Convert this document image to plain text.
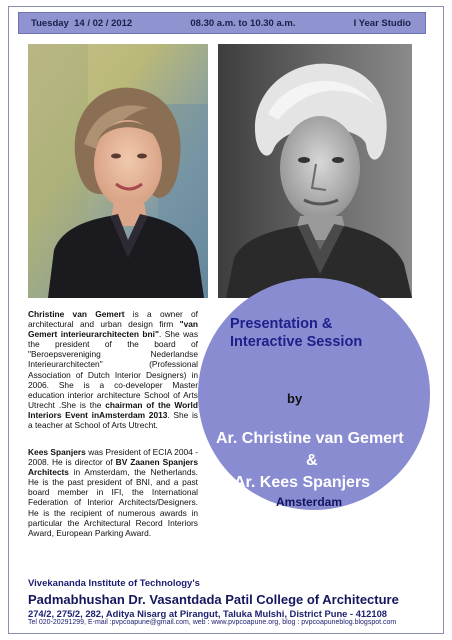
Tuesday  14 / 02 / 2012	08.30 a.m. to 10.30 a.m.	I Year Studio
Presentation &
Interactive Session
by
Ar. Christine van Gemert
&
Ar. Kees Spanjers
Amsterdam
Christine van Gemert is a owner of architectural and urban design firm "van Gemert interieurarchitecten bni". She was the president of the board of "Beroepsvereniging Nederlandse Interieurarchitecten" (Professional Association of Dutch Interior Designers) in 2006. She is a co-developer Master education interior architecture School of Arts Utrecht .She is the chairman of the World Interiors Event inAmsterdam 2013. She is a teacher at School of Arts Utrecht.
Kees Spanjers was President of ECIA 2004 - 2008. He is director of BV Zaanen Spanjers Architects in Amsterdam, the Netherlands. He is the past president of BNI, and a past board member in IFI, the International Federation of Interior Architects/Designers. He is the recipient of numerous awards in particular the Architectural Record Interiors Award, European Parking Award.
Vivekananda Institute of Technology's
Padmabhushan Dr. Vasantdada Patil College of Architecture
274/2, 275/2, 282, Aditya Nisarg at Pirangut, Taluka Mulshi, District Pune - 412108
Tel 020-20291299, E-mail :pvpcoapune@gmail.com, web : www.pvpcoapune.org, blog : pvpcoapuneblog.blogspot.com
